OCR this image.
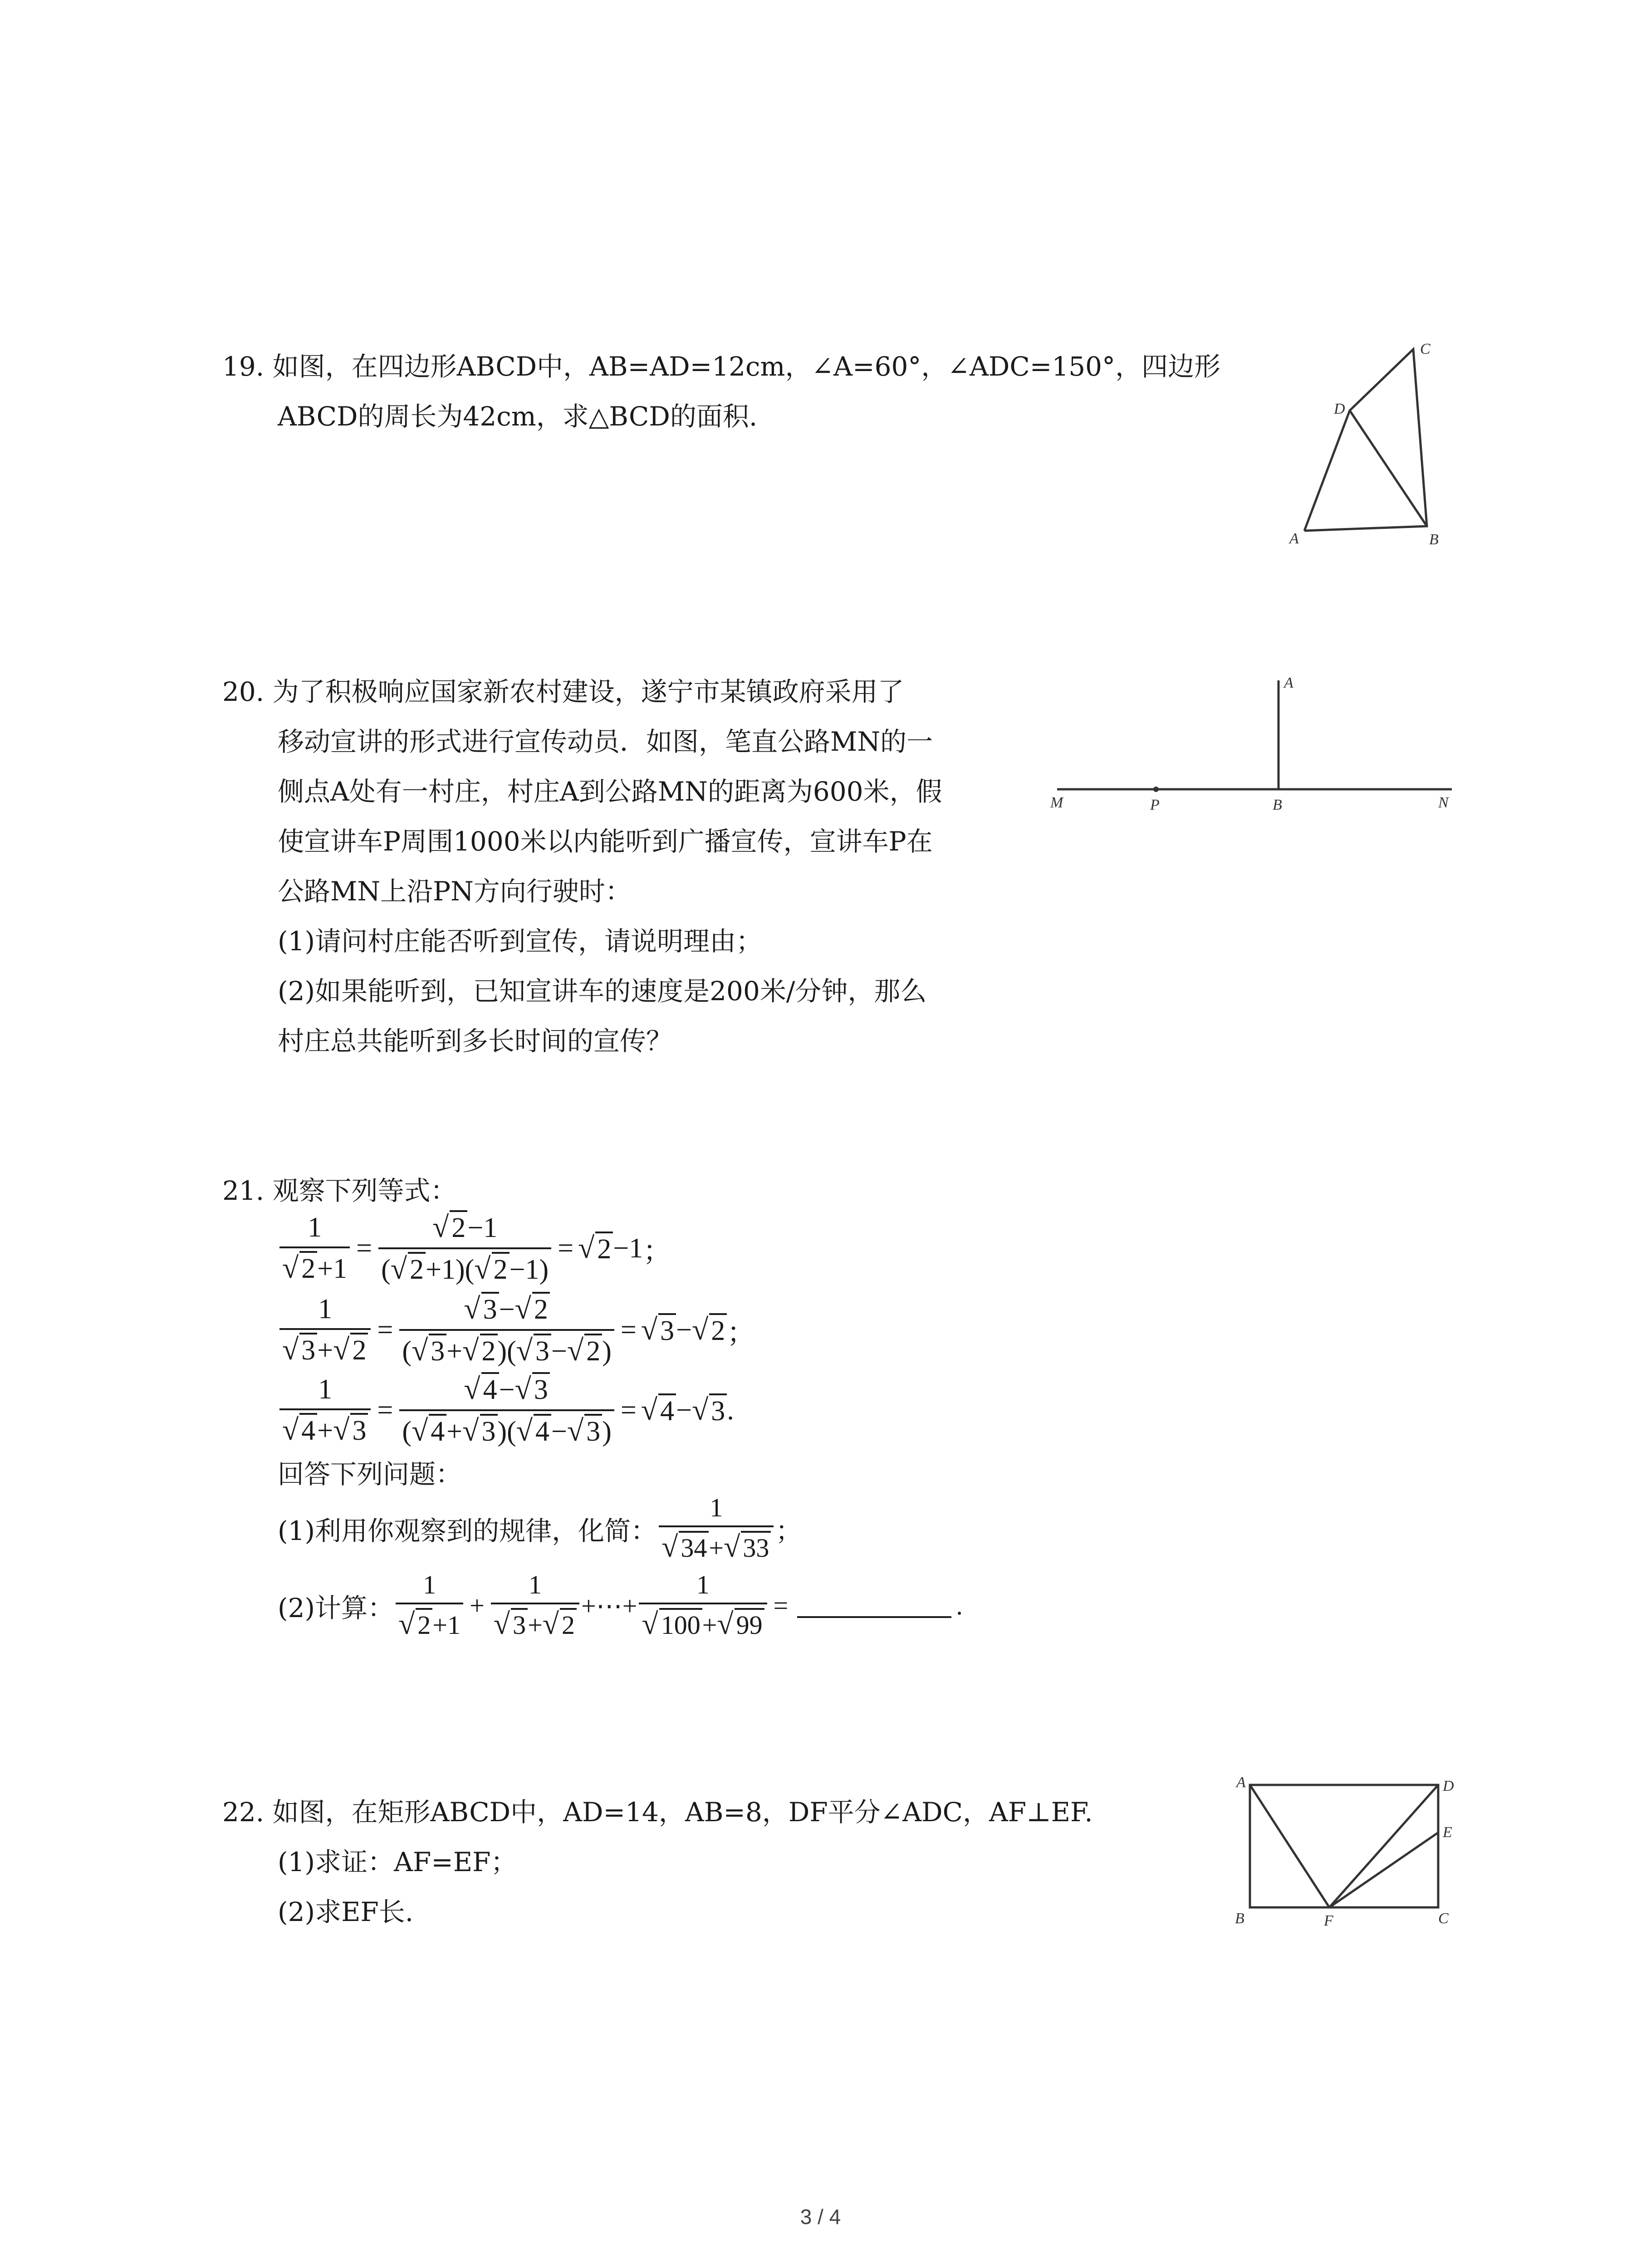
19. 如图，在四边形ABCD中，AB=AD=12cm，∠A=60°，∠ADC=150°，四边形
ABCD的周长为42cm，求△BCD的面积.
A	B
C
D
20. 为了积极响应国家新农村建设，遂宁市某镇政府采用了
移动宣讲的形式进行宣传动员．如图，笔直公路MN的一
侧点A处有一村庄，村庄A到公路MN的距离为600米，假
使宣讲车P周围1000米以内能听到广播宣传，宣讲车P在
公路MN上沿PN方向行驶时：
(1)请问村庄能否听到宣传，请说明理由；
(2)如果能听到，已知宣讲车的速度是200米/分钟，那么
村庄总共能听到多长时间的宣传？
A
M	P	B	N
21. 观察下列等式：
$\frac{1}{√2+1} = \frac{√2-1}{(√2+1)(√2-1)}$ = √ 2 −1 ；
$\frac{1}{√3+√2} = \frac{√3-√2}{(√3+√2)(√3-√2)}$ = √ 3 − √ 2 ；
$\frac{1}{√4+√3} = \frac{√4-√3}{(√4+√3)(√4-√3)}$ = √ 4 − √ 3 .
回答下列问题：
(1)利用你观察到的规律，化简： $\frac{1}{√ 34+√ 33}$ ；
(2)计算： $\frac{1}{√ 2+1} + \frac{1}{√ 3+√ 2}$ +⋯+ $\frac{1}{√ 100+√ 99}$ =	.
22. 如图，在矩形ABCD中，AD=14，AB=8，DF平分∠ADC，AF⊥EF.
(1)求证：AF=EF；
(2)求EF长.
A	D
E
B	F	C
3 / 4
